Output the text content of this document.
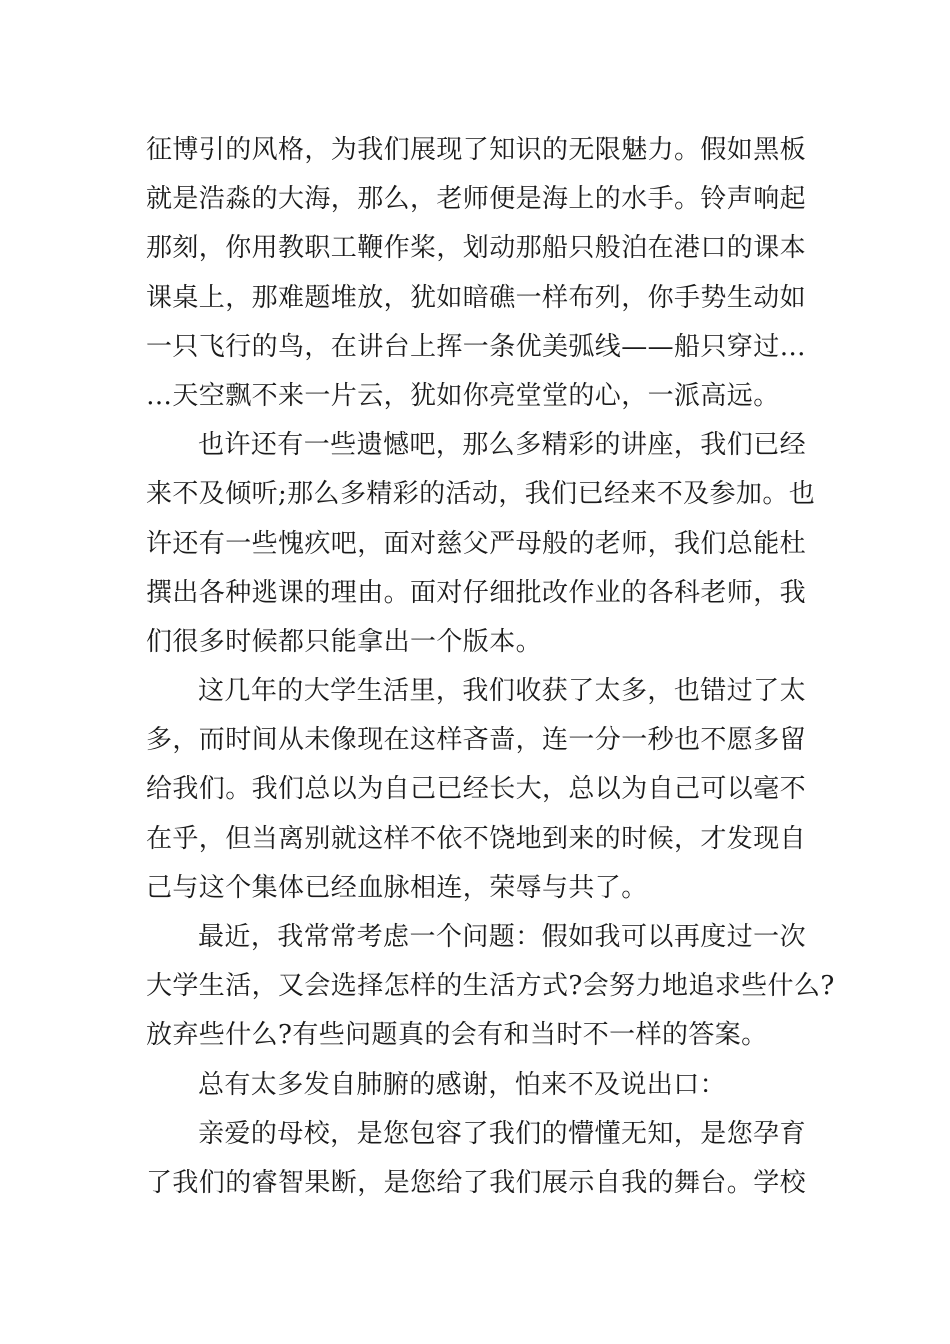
征博引的风格，为我们展现了知识的无限魅力。假如黑板
就是浩淼的大海，那么，老师便是海上的水手。铃声响起
那刻，你用教职工鞭作桨，划动那船只般泊在港口的课本
课桌上，那难题堆放，犹如暗礁一样布列，你手势生动如
一只飞行的鸟，在讲台上挥一条优美弧线——船只穿过…
…天空飘不来一片云，犹如你亮堂堂的心，一派高远。
也许还有一些遗憾吧，那么多精彩的讲座，我们已经
来不及倾听;那么多精彩的活动，我们已经来不及参加。也
许还有一些愧疚吧，面对慈父严母般的老师，我们总能杜
撰出各种逃课的理由。面对仔细批改作业的各科老师，我
们很多时候都只能拿出一个版本。
这几年的大学生活里，我们收获了太多，也错过了太
多，而时间从未像现在这样吝啬，连一分一秒也不愿多留
给我们。我们总以为自己已经长大，总以为自己可以毫不
在乎，但当离别就这样不依不饶地到来的时候，才发现自
己与这个集体已经血脉相连，荣辱与共了。
最近，我常常考虑一个问题：假如我可以再度过一次
大学生活，又会选择怎样的生活方式?会努力地追求些什么?
放弃些什么?有些问题真的会有和当时不一样的答案。
总有太多发自肺腑的感谢，怕来不及说出口：
亲爱的母校，是您包容了我们的懵懂无知，是您孕育
了我们的睿智果断，是您给了我们展示自我的舞台。学校
